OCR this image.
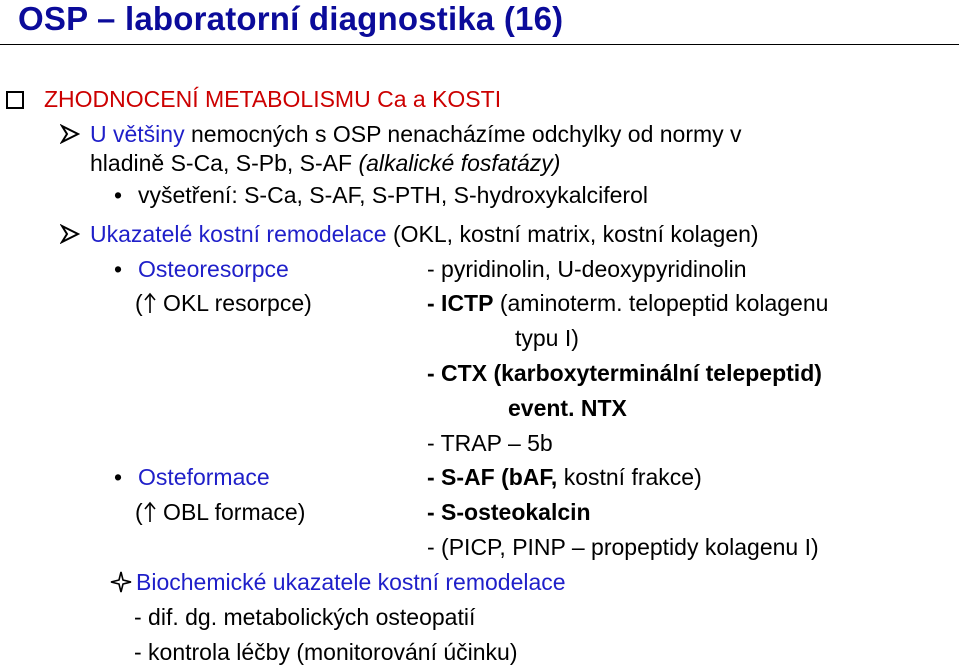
OSP – laboratorní diagnostika (16)
ZHODNOCENÍ METABOLISMU Ca a KOSTI
U většiny nemocných s OSP nenacházíme odchylky od normy v
hladině S-Ca, S-Pb, S-AF (alkalické fosfatázy)
• vyšetření: S-Ca, S-AF, S-PTH, S-hydroxykalciferol
Ukazatelé kostní remodelace (OKL, kostní matrix, kostní kolagen)
• Osteoresorpce	- pyridinolin, U-deoxypyridinolin
( OKL resorpce)	- ICTP (aminoterm. telopeptid kolagenu
typu I)
- CTX (karboxyterminální telepeptid)
event. NTX
- TRAP – 5b
• Osteformace	- S-AF (bAF, kostní frakce)
( OBL formace)	- S-osteokalcin
- (PICP, PINP – propeptidy kolagenu I)
Biochemické ukazatele kostní remodelace
- dif. dg. metabolických osteopatií
- kontrola léčby (monitorování účinku)
